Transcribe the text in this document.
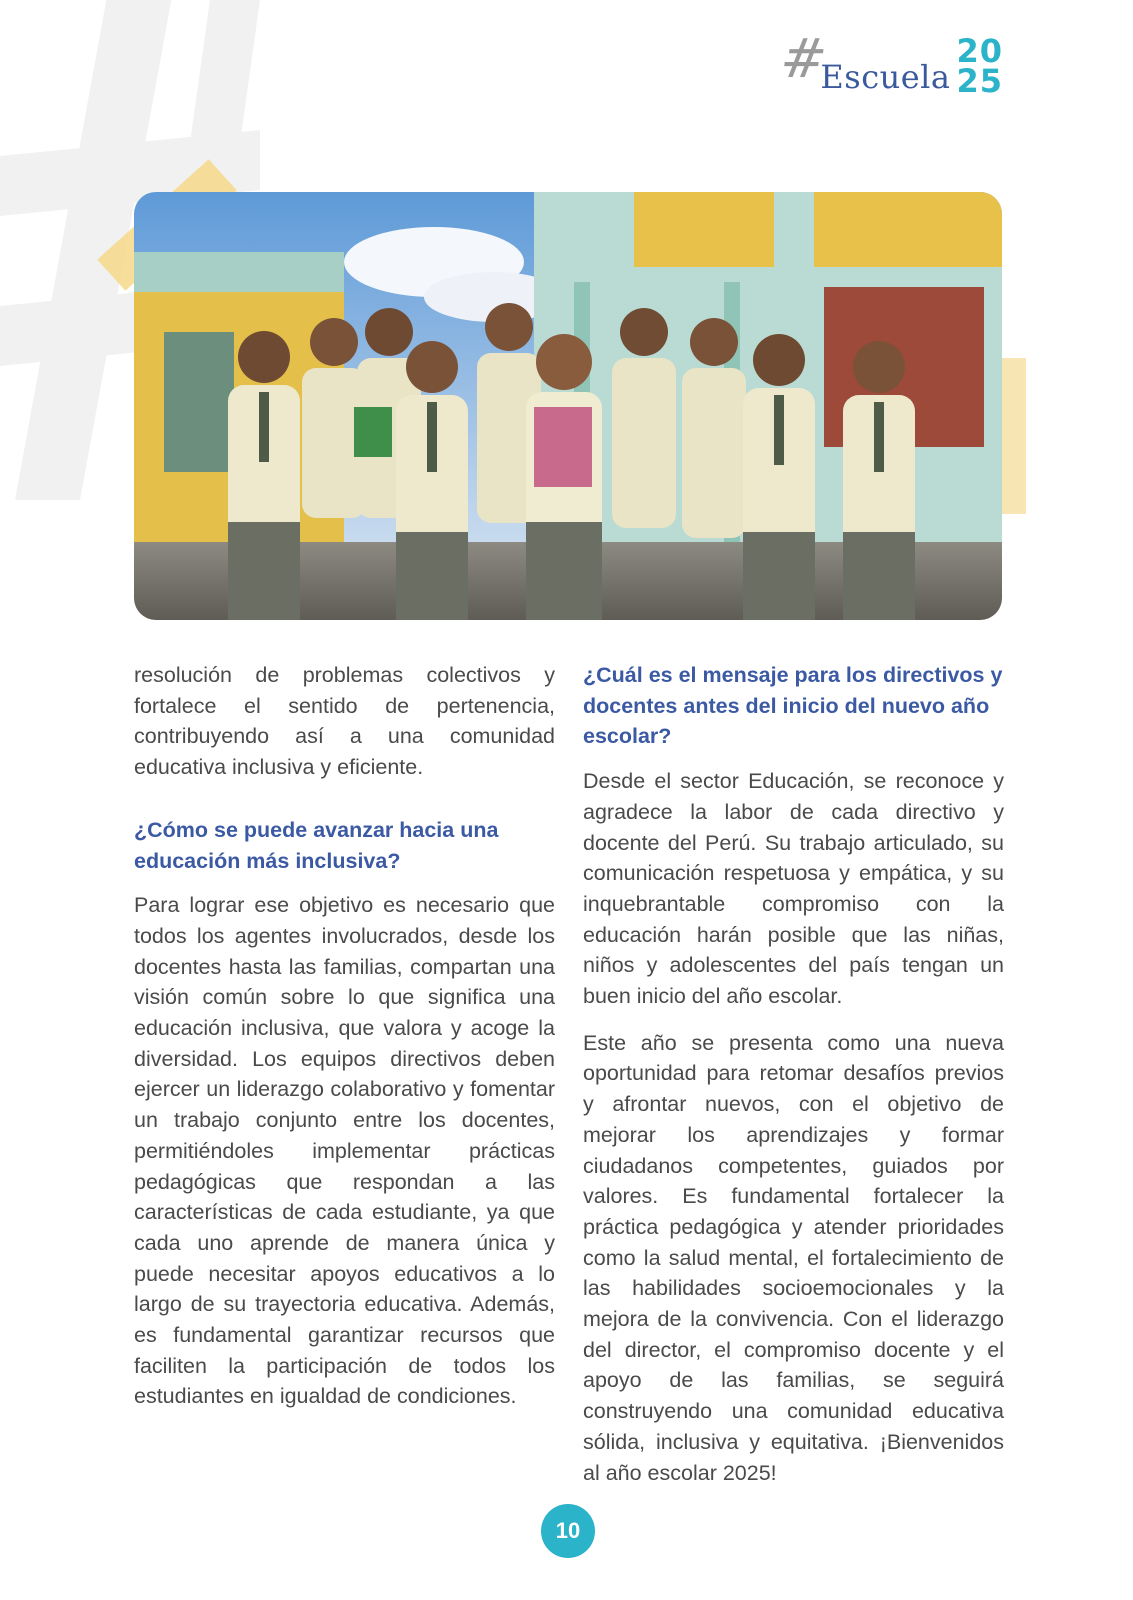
#
Escuela
20
25

resolución de problemas colectivos y fortalece el sentido de pertenencia, contribuyendo así a una comunidad educativa inclusiva y eficiente.

¿Cómo se puede avanzar hacia una educación más inclusiva?

Para lograr ese objetivo es necesario que todos los agentes involucrados, desde los docentes hasta las familias, compartan una visión común sobre lo que significa una educación inclusiva, que valora y acoge la diversidad. Los equipos directivos deben ejercer un liderazgo colaborativo y fomentar un trabajo conjunto entre los docentes, permitiéndoles implementar prácticas pedagógicas que respondan a las características de cada estudiante, ya que cada uno aprende de manera única y puede necesitar apoyos educativos a lo largo de su trayectoria educativa. Además, es fundamental garantizar recursos que faciliten la participación de todos los estudiantes en igualdad de condiciones.

¿Cuál es el mensaje para los directivos y docentes antes del inicio del nuevo año escolar?

Desde el sector Educación, se reconoce y agradece la labor de cada directivo y docente del Perú. Su trabajo articulado, su comunicación respetuosa y empática, y su inquebrantable compromiso con la educación harán posible que las niñas, niños y adolescentes del país tengan un buen inicio del año escolar.

Este año se presenta como una nueva oportunidad para retomar desafíos previos y afrontar nuevos, con el objetivo de mejorar los aprendizajes y formar ciudadanos competentes, guiados por valores. Es fundamental fortalecer la práctica pedagógica y atender prioridades como la salud mental, el fortalecimiento de las habilidades socioemocionales y la mejora de la convivencia. Con el liderazgo del director, el compromiso docente y el apoyo de las familias, se seguirá construyendo una comunidad educativa sólida, inclusiva y equitativa. ¡Bienvenidos al año escolar 2025!

10
